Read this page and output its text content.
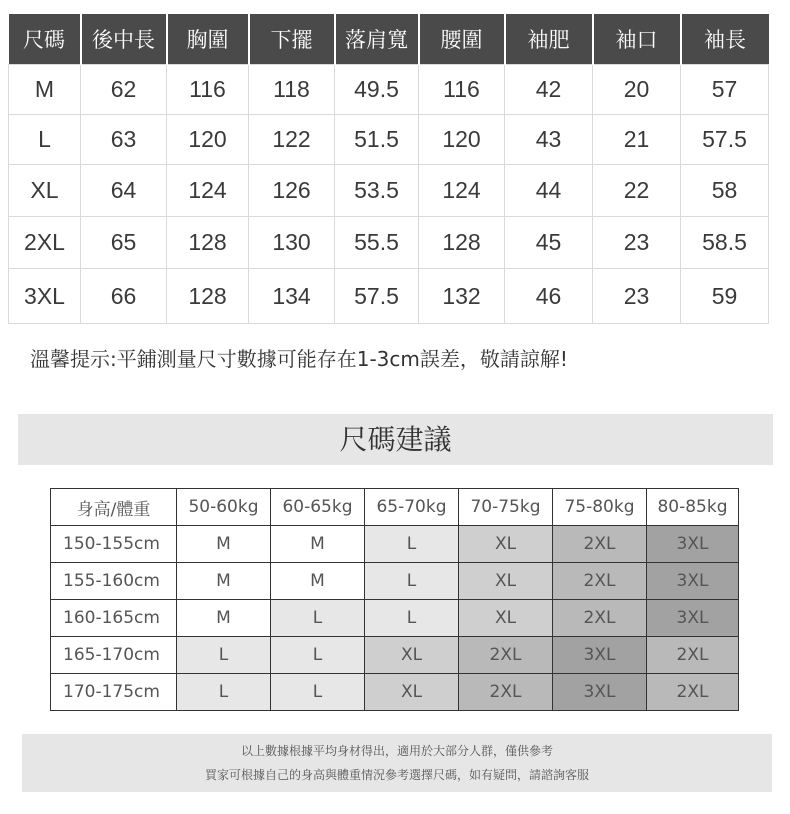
尺碼	後中長	胸圍	下擺	落肩寬	腰圍	袖肥	袖口	袖長
M	62	116	118	49.5	116	42	20	57
L	63	120	122	51.5	120	43	21	57.5
XL	64	124	126	53.5	124	44	22	58
2XL	65	128	130	55.5	128	45	23	58.5
3XL	66	128	134	57.5	132	46	23	59
溫馨提示:平鋪測量尺寸數據可能存在1-3cm誤差，敬請諒解!
尺碼建議
身高/體重	50-60kg	60-65kg	65-70kg	70-75kg	75-80kg	80-85kg
150-155cm	M	M	L	XL	2XL	3XL
155-160cm	M	M	L	XL	2XL	3XL
160-165cm	M	L	L	XL	2XL	3XL
165-170cm	L	L	XL	2XL	3XL	2XL
170-175cm	L	L	XL	2XL	3XL	2XL
以上數據根據平均身材得出，適用於大部分人群，僅供參考
買家可根據自己的身高與體重情況參考選擇尺碼，如有疑問，請諮詢客服
